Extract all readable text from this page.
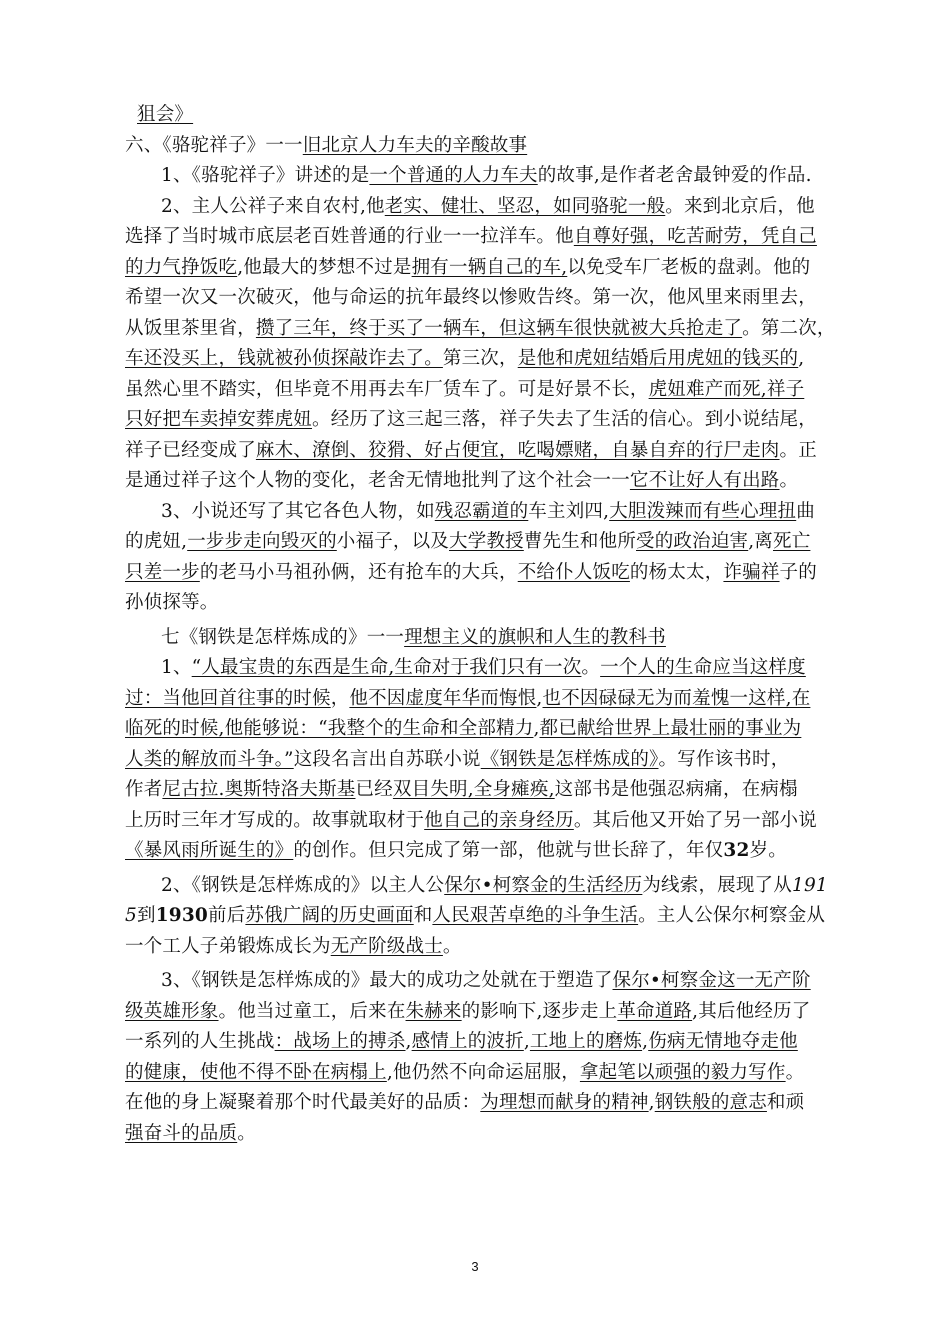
狙会》
六、《骆驼祥子》一一旧北京人力车夫的辛酸故事
1、《骆驼祥子》讲述的是一个普通的人力车夫的故事,是作者老舍最钟爱的作品.
2、主人公祥子来自农村,他老实、健壮、坚忍，如同骆驼一般。来到北京后，他
选择了当时城市底层老百姓普通的行业一一拉洋车。他自尊好强，吃苦耐劳，凭自己
的力气挣饭吃,他最大的梦想不过是拥有一辆自己的车,以免受车厂老板的盘剥。他的
希望一次又一次破灭，他与命运的抗年最终以惨败告终。第一次，他风里来雨里去，
从饭里茶里省，攒了三年，终于买了一辆车，但这辆车很快就被大兵抢走了。第二次，
车还没买上，钱就被孙侦探敲诈去了。第三次，是他和虎妞结婚后用虎妞的钱买的,
虽然心里不踏实，但毕竟不用再去车厂赁车了。可是好景不长，虎妞难产而死,祥子
只好把车卖掉安葬虎妞。经历了这三起三落，祥子失去了生活的信心。到小说结尾，
祥子已经变成了麻木、潦倒、狡猾、好占便宜，吃喝嫖赌，自暴自弃的行尸走肉。正
是通过祥子这个人物的变化，老舍无情地批判了这个社会一一它不让好人有出路。
3、小说还写了其它各色人物，如残忍霸道的车主刘四,大胆泼辣而有些心理扭曲
的虎妞,一步步走向毁灭的小福子，以及大学教授曹先生和他所受的政治迫害,离死亡
只差一步的老马小马祖孙俩，还有抢车的大兵，不给仆人饭吃的杨太太，诈骗祥子的
孙侦探等。
七《钢铁是怎样炼成的》一一理想主义的旗帜和人生的教科书
1、“人最宝贵的东西是生命,生命对于我们只有一次。一个人的生命应当这样度
过：当他回首往事的时候，他不因虚度年华而悔恨,也不因碌碌无为而羞愧一这样,在
临死的时候,他能够说：“我整个的生命和全部精力,都已献给世界上最壮丽的事业为
人类的解放而斗争。”这段名言出自苏联小说《钢铁是怎样炼成的》。写作该书时，
作者尼古拉.奥斯特洛夫斯基已经双目失明,全身瘫痪,这部书是他强忍病痛，在病榻
上历时三年才写成的。故事就取材于他自己的亲身经历。其后他又开始了另一部小说
《暴风雨所诞生的》的创作。但只完成了第一部，他就与世长辞了，年仅32岁。
2、《钢铁是怎样炼成的》以主人公保尔•柯察金的生活经历为线索，展现了从191
5到1930前后苏俄广阔的历史画面和人民艰苦卓绝的斗争生活。主人公保尔柯察金从
一个工人子弟锻炼成长为无产阶级战士。
3、《钢铁是怎样炼成的》最大的成功之处就在于塑造了保尔•柯察金这一无产阶
级英雄形象。他当过童工，后来在朱赫来的影响下,逐步走上革命道路,其后他经历了
一系列的人生挑战：战场上的搏杀,感情上的波折,工地上的磨炼,伤病无情地夺走他
的健康，使他不得不卧在病榻上,他仍然不向命运屈服，拿起笔以顽强的毅力写作。
在他的身上凝聚着那个时代最美好的品质：为理想而献身的精神,钢铁般的意志和顽
强奋斗的品质。
3
